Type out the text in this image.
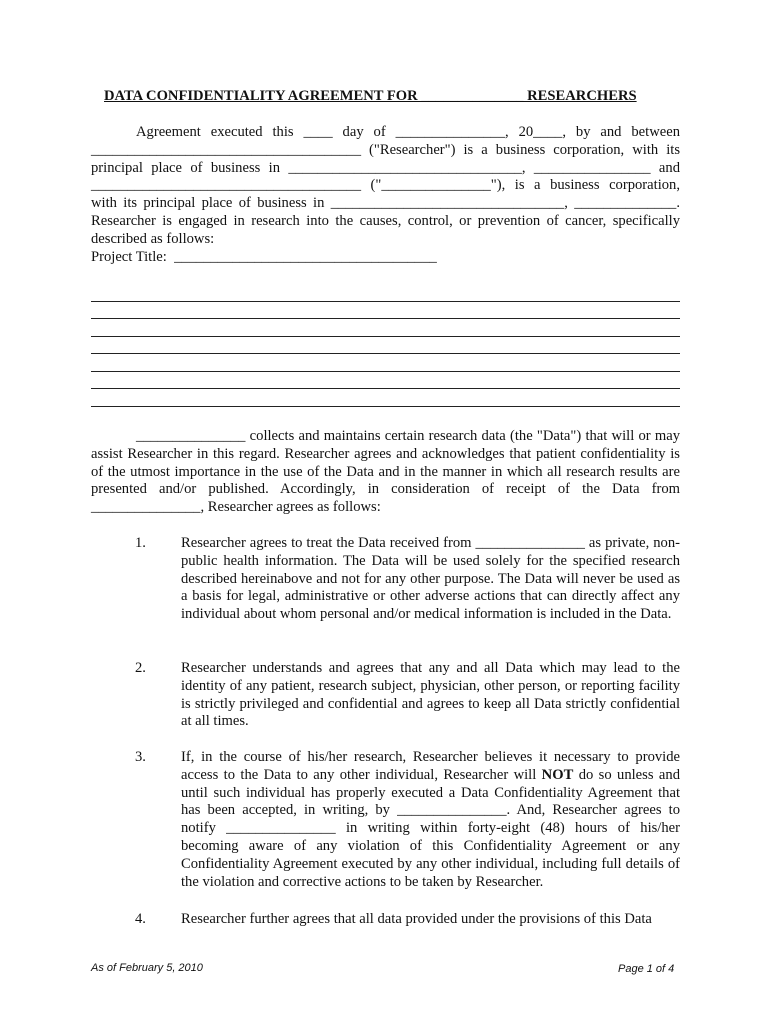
DATA CONFIDENTIALITY AGREEMENT FOR ______________ RESEARCHERS
Agreement executed this ____ day of _______________, 20____, by and between _____________________________________ ("Researcher") is a business corporation, with its principal place of business in ________________________________, ________________ and _____________________________________ ("_______________"), is a business corporation, with its principal place of business in ________________________________, ______________. Researcher is engaged in research into the causes, control, or prevention of cancer, specifically described as follows:
Project Title:  ____________________________________
_______________ collects and maintains certain research data (the "Data") that will or may assist Researcher in this regard. Researcher agrees and acknowledges that patient confidentiality is of the utmost importance in the use of the Data and in the manner in which all research results are presented and/or published. Accordingly, in consideration of receipt of the Data from _______________, Researcher agrees as follows:
1. Researcher agrees to treat the Data received from _______________ as private, non-public health information. The Data will be used solely for the specified research described hereinabove and not for any other purpose. The Data will never be used as a basis for legal, administrative or other adverse actions that can directly affect any individual about whom personal and/or medical information is included in the Data.
2. Researcher understands and agrees that any and all Data which may lead to the identity of any patient, research subject, physician, other person, or reporting facility is strictly privileged and confidential and agrees to keep all Data strictly confidential at all times.
3. If, in the course of his/her research, Researcher believes it necessary to provide access to the Data to any other individual, Researcher will NOT do so unless and until such individual has properly executed a Data Confidentiality Agreement that has been accepted, in writing, by _______________. And, Researcher agrees to notify _______________ in writing within forty-eight (48) hours of his/her becoming aware of any violation of this Confidentiality Agreement or any Confidentiality Agreement executed by any other individual, including full details of the violation and corrective actions to be taken by Researcher.
4. Researcher further agrees that all data provided under the provisions of this Data
As of February 5, 2010	Page 1 of 4
